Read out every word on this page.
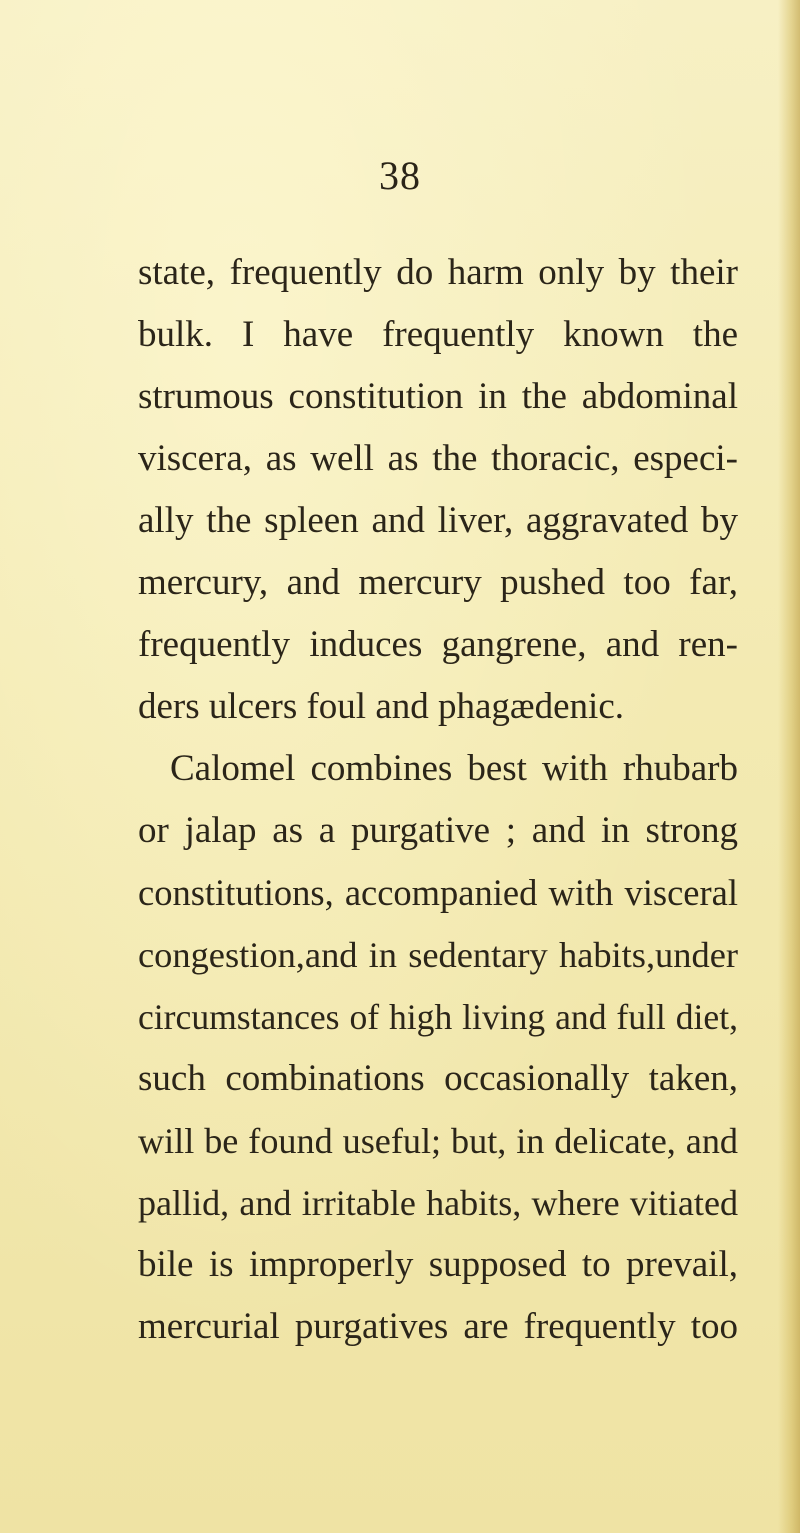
38
state, frequently do harm only by their
bulk. I have frequently known the
strumous constitution in the abdominal
viscera, as well as the thoracic, especi-
ally the spleen and liver, aggravated by
mercury, and mercury pushed too far,
frequently induces gangrene, and ren-
ders ulcers foul and phagædenic.
Calomel combines best with rhubarb
or jalap as a purgative ; and in strong
constitutions, accompanied with visceral
congestion,and in sedentary habits,under
circumstances of high living and full diet,
such combinations occasionally taken,
will be found useful; but, in delicate, and
pallid, and irritable habits, where vitiated
bile is improperly supposed to prevail,
mercurial purgatives are frequently too
